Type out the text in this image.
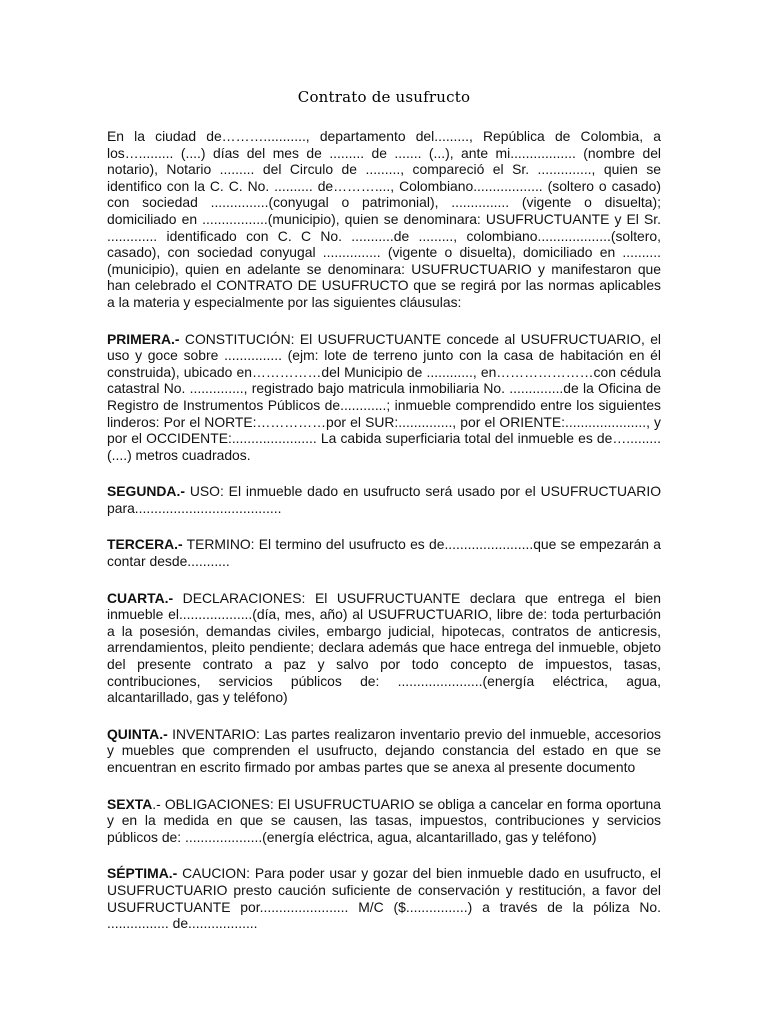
Contrato de usufructo

En la ciudad de………..........., departamento del........., República de Colombia, a los…......... (....) días del mes de ......... de ....... (...), ante mi................. (nombre del notario), Notario ......... del Circulo de ........., compareció el Sr. .............., quien se identifico con la C. C. No. .......... de………...., Colombiano.................. (soltero o casado) con sociedad ...............(conyugal o patrimonial), ............... (vigente o disuelta); domiciliado en .................(municipio), quien se denominara: USUFRUCTUANTE y El Sr. ............. identificado con C. C No. ...........de ........., colombiano...................(soltero, casado), con sociedad conyugal ............... (vigente o disuelta), domiciliado en .......... (municipio), quien en adelante se denominara: USUFRUCTUARIO y manifestaron que han celebrado el CONTRATO DE USUFRUCTO que se regirá por las normas aplicables a la materia y especialmente por las siguientes cláusulas:

PRIMERA.- CONSTITUCIÓN: El USUFRUCTUANTE concede al USUFRUCTUARIO, el uso y goce sobre ............... (ejm: lote de terreno junto con la casa de habitación en él construida), ubicado en……………del Municipio de ............, en…………………con cédula catastral No. .............., registrado bajo matricula inmobiliaria No. ..............de la Oficina de Registro de Instrumentos Públicos de............; inmueble comprendido entre los siguientes linderos: Por el NORTE:……………por el SUR:.............., por el ORIENTE:....................., y por el OCCIDENTE:...................... La cabida superficiaria total del inmueble es de…......... (....) metros cuadrados.

SEGUNDA.- USO: El inmueble dado en usufructo será usado por el USUFRUCTUARIO para......................................

TERCERA.- TERMINO: El termino del usufructo es de.......................que se empezarán a contar desde...........

CUARTA.- DECLARACIONES: El USUFRUCTUANTE declara que entrega el bien inmueble el...................(día, mes, año) al USUFRUCTUARIO, libre de: toda perturbación a la posesión, demandas civiles, embargo judicial, hipotecas, contratos de anticresis, arrendamientos, pleito pendiente; declara además que hace entrega del inmueble, objeto del presente contrato a paz y salvo por todo concepto de impuestos, tasas, contribuciones, servicios públicos de: ......................(energía eléctrica, agua, alcantarillado, gas y teléfono)

QUINTA.- INVENTARIO: Las partes realizaron inventario previo del inmueble, accesorios y muebles que comprenden el usufructo, dejando constancia del estado en que se encuentran en escrito firmado por ambas partes que se anexa al presente documento

SEXTA.- OBLIGACIONES: El USUFRUCTUARIO se obliga a cancelar en forma oportuna y en la medida en que se causen, las tasas, impuestos, contribuciones y servicios públicos de: ....................(energía eléctrica, agua, alcantarillado, gas y teléfono)

SÉPTIMA.- CAUCION: Para poder usar y gozar del bien inmueble dado en usufructo, el USUFRUCTUARIO presto caución suficiente de conservación y restitución, a favor del USUFRUCTUANTE por....................... M/C ($................) a través de la póliza No. ................ de..................
